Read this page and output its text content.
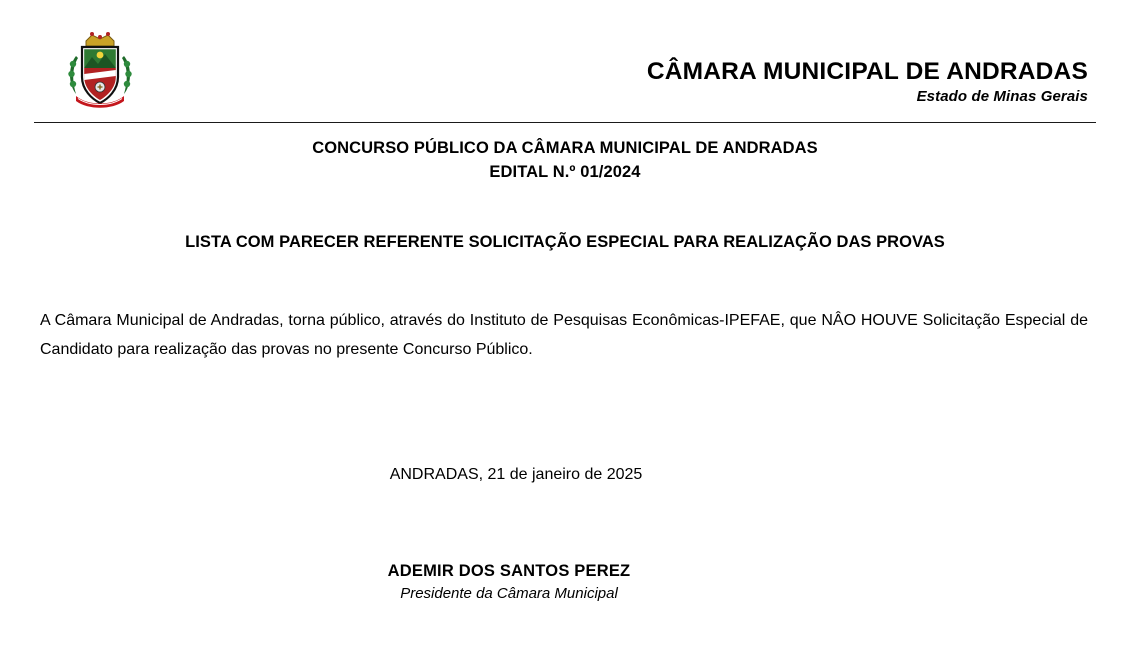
CÂMARA MUNICIPAL DE ANDRADAS
Estado de Minas Gerais
CONCURSO PÚBLICO DA CÂMARA MUNICIPAL DE ANDRADAS
EDITAL N.º 01/2024
LISTA COM PARECER REFERENTE SOLICITAÇÃO ESPECIAL PARA REALIZAÇÃO DAS PROVAS

A Câmara Municipal de Andradas, torna público, através do Instituto de Pesquisas Econômicas-IPEFAE, que NÂO HOUVE Solicitação Especial de Candidato para realização das provas no presente Concurso Público.

ANDRADAS, 21 de janeiro de 2025
ADEMIR DOS SANTOS PEREZ
Presidente da Câmara Municipal
